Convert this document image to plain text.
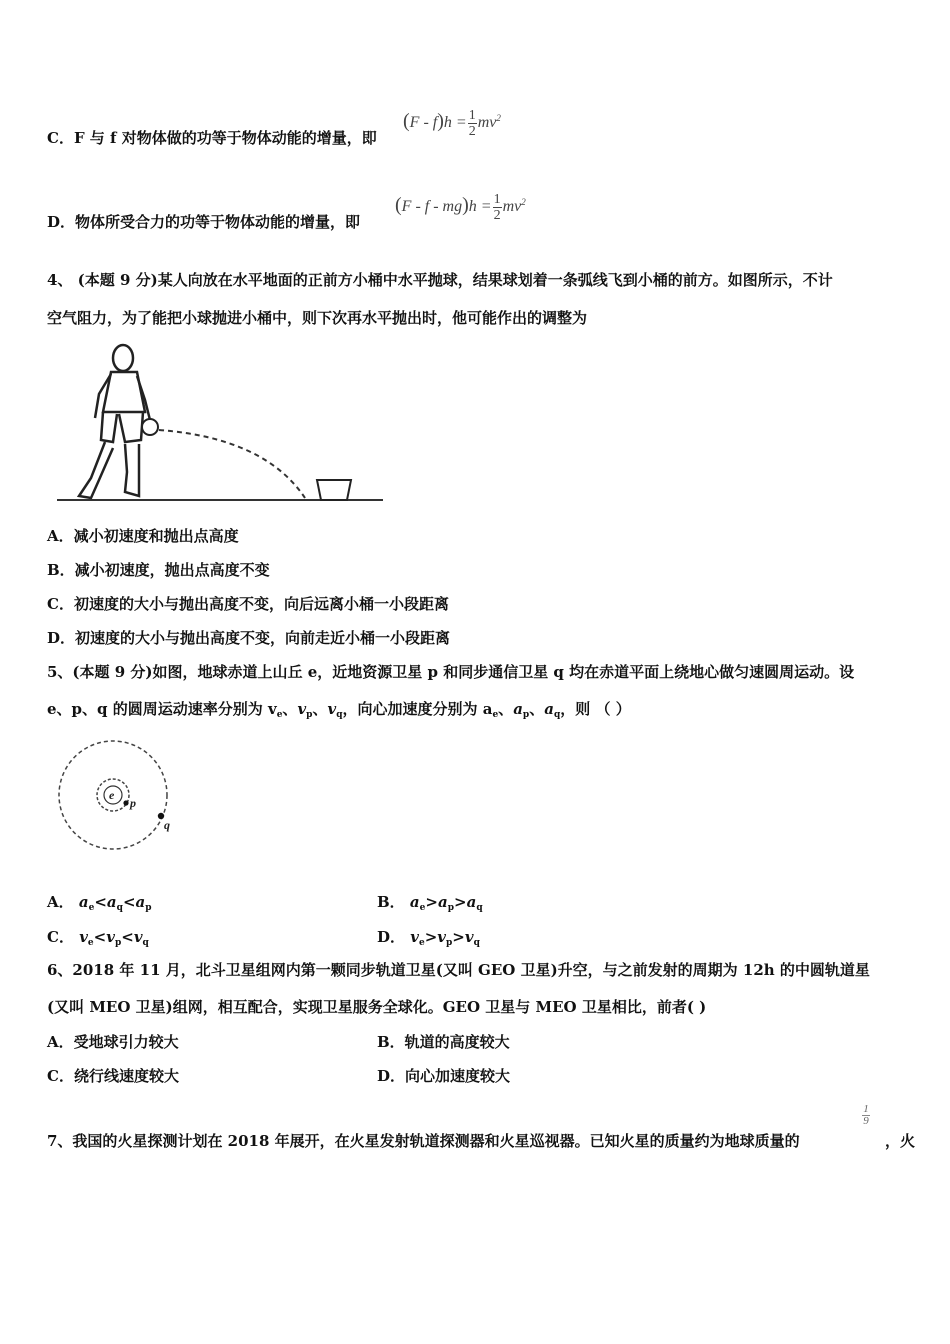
C．F 与 f 对物体做的功等于物体动能的增量，即
$(F - f)h = \frac{1}{2} mv^2$
D．物体所受合力的功等于物体动能的增量，即
$(F - f - mg)h = \frac{1}{2} mv^2$
4、 (本题 9 分)某人向放在水平地面的正前方小桶中水平抛球，结果球划着一条弧线飞到小桶的前方。如图所示，不计
空气阻力，为了能把小球抛进小桶中，则下次再水平抛出时，他可能作出的调整为
A．减小初速度和抛出点高度
B．减小初速度，抛出点高度不变
C．初速度的大小与抛出高度不变，向后远离小桶一小段距离
D．初速度的大小与抛出高度不变，向前走近小桶一小段距离
5、(本题 9 分)如图，地球赤道上山丘 e，近地资源卫星 p 和同步通信卫星 q 均在赤道平面上绕地心做匀速圆周运动。设
e、p、q 的圆周运动速率分别为 $v_e$、$v_p$、$v_q$，向心加速度分别为 $a_e$、$a_p$、$a_q$，则 （ ）
e
p
q
A． $a_e<a_q<a_p$	B． $a_e>a_p>a_q$
C． $v_e<v_p<v_q$	D． $v_e>v_p>v_q$
6、2018 年 11 月，北斗卫星组网内第一颗同步轨道卫星(又叫 GEO 卫星)升空，与之前发射的周期为 12h 的中圆轨道星
(又叫 MEO 卫星)组网，相互配合，实现卫星服务全球化。GEO 卫星与 MEO 卫星相比，前者( )
A．受地球引力较大	B．轨道的高度较大
C．绕行线速度较大	D．向心加速度较大
7、我国的火星探测计划在 2018 年展开，在火星发射轨道探测器和火星巡视器。已知火星的质量约为地球质量的
1
9
，火
